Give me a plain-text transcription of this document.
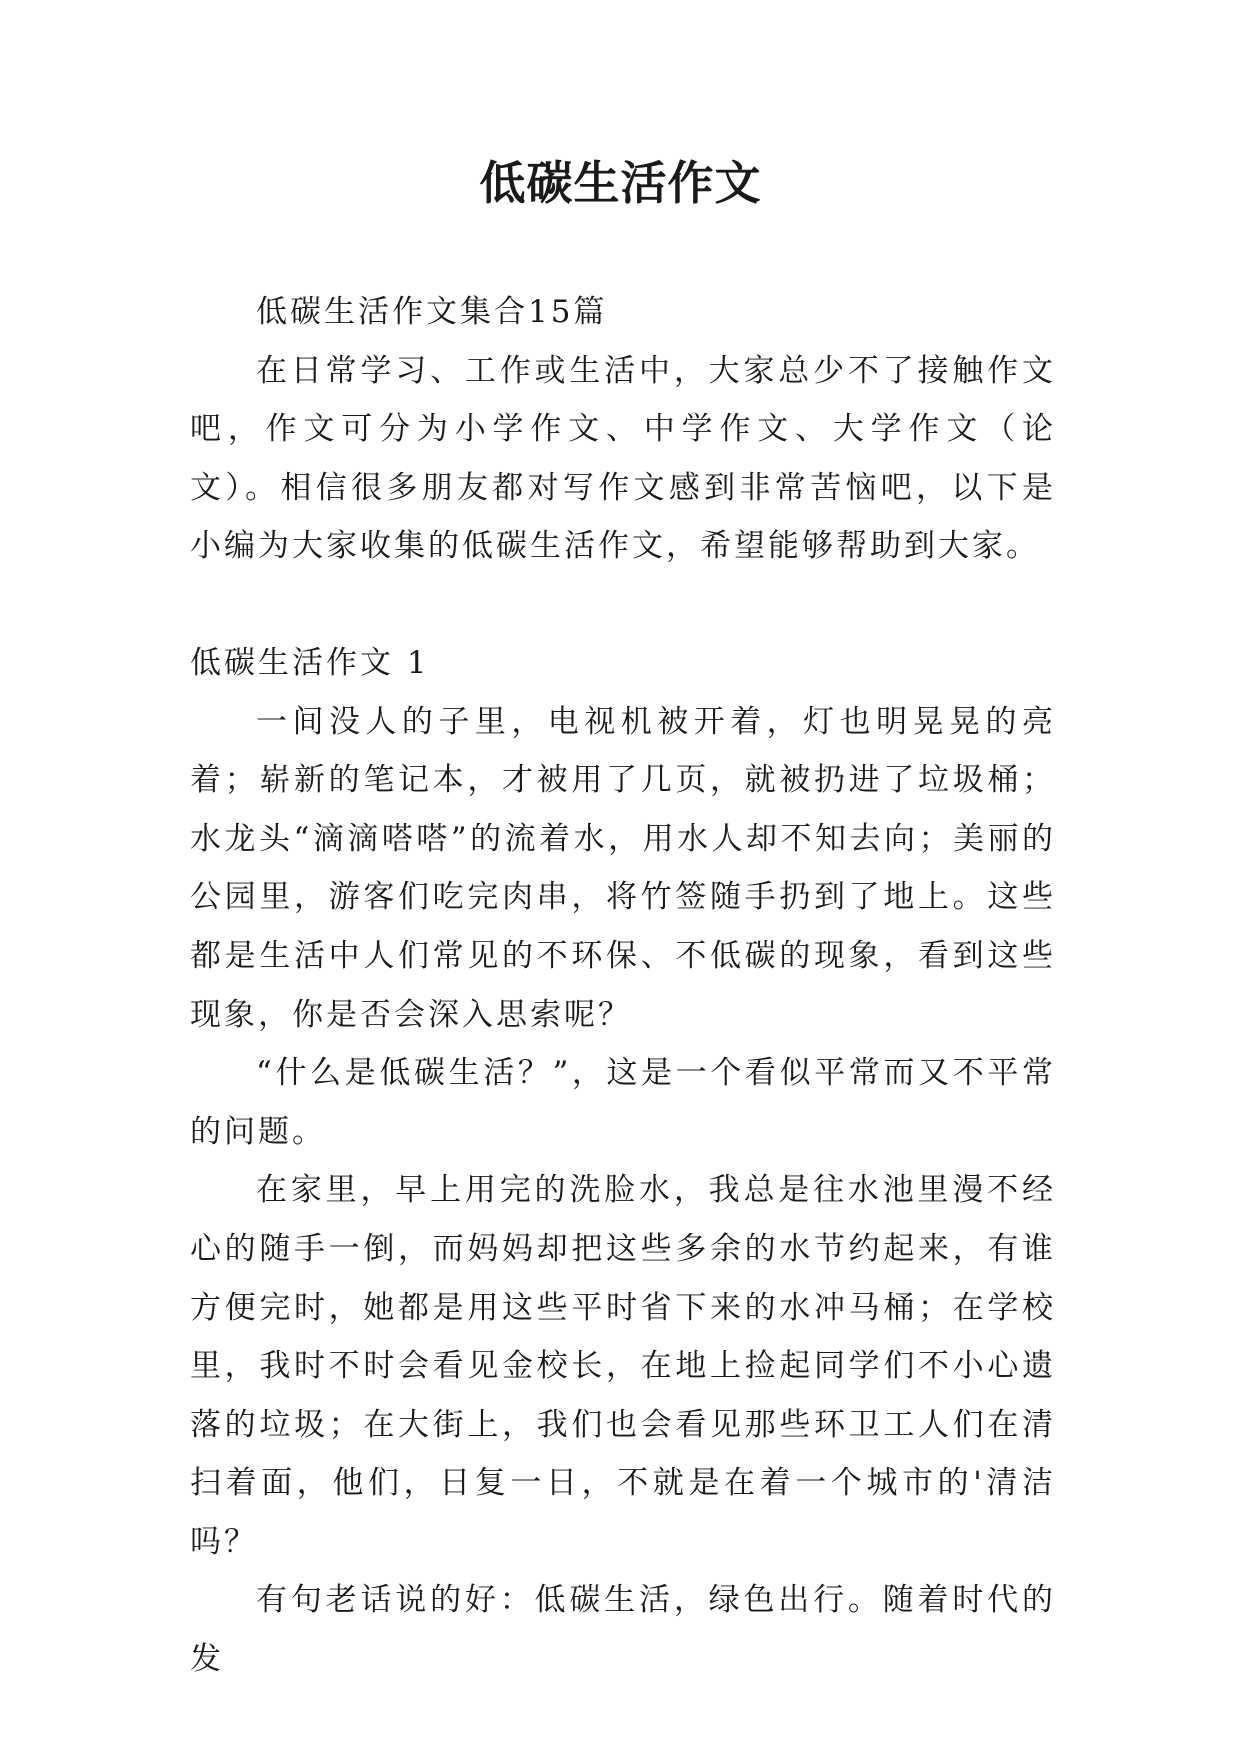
低碳生活作文

低碳生活作文集合15篇

在日常学习、工作或生活中，大家总少不了接触作文吧，作文可分为小学作文、中学作文、大学作文（论文）。相信很多朋友都对写作文感到非常苦恼吧，以下是小编为大家收集的低碳生活作文，希望能够帮助到大家。

低碳生活作文 1

一间没人的子里，电视机被开着，灯也明晃晃的亮着；崭新的笔记本，才被用了几页，就被扔进了垃圾桶；水龙头“滴滴嗒嗒”的流着水，用水人却不知去向；美丽的公园里，游客们吃完肉串，将竹签随手扔到了地上。这些都是生活中人们常见的不环保、不低碳的现象，看到这些现象，你是否会深入思索呢？

“什么是低碳生活？”，这是一个看似平常而又不平常的问题。

在家里，早上用完的洗脸水，我总是往水池里漫不经心的随手一倒，而妈妈却把这些多余的水节约起来，有谁方便完时，她都是用这些平时省下来的水冲马桶；在学校里，我时不时会看见金校长，在地上捡起同学们不小心遗落的垃圾；在大街上，我们也会看见那些环卫工人们在清扫着面，他们，日复一日，不就是在着一个城市的'清洁吗？

有句老话说的好：低碳生活，绿色出行。随着时代的发
